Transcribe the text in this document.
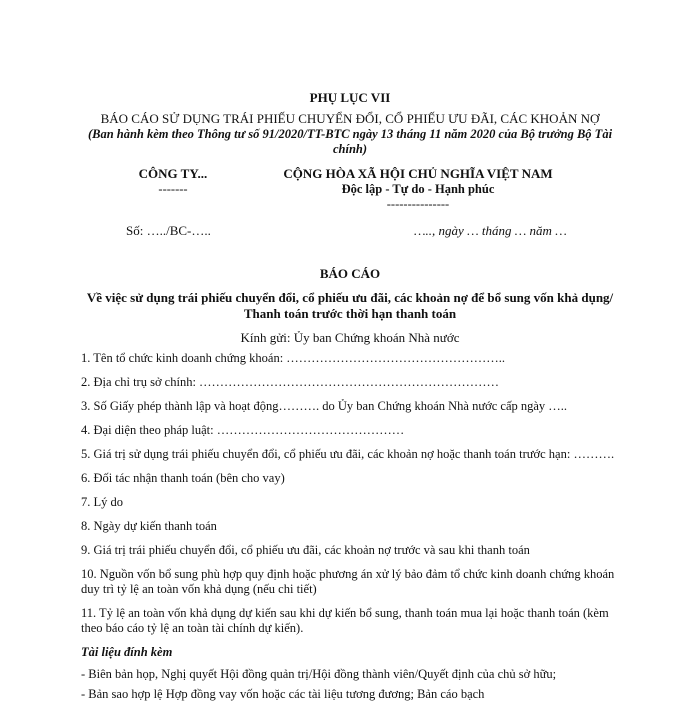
PHỤ LỤC VII
BÁO CÁO SỬ DỤNG TRÁI PHIẾU CHUYỂN ĐỔI, CỔ PHIẾU ƯU ĐÃI, CÁC KHOẢN NỢ
(Ban hành kèm theo Thông tư số 91/2020/TT-BTC ngày 13 tháng 11 năm 2020 của Bộ trưởng Bộ Tài chính)
CÔNG TY...
-------
CỘNG HÒA XÃ HỘI CHỦ NGHĨA VIỆT NAM
Độc lập - Tự do - Hạnh phúc
---------------
Số: …../BC-…..	….., ngày … tháng … năm …
BÁO CÁO
Về việc sử dụng trái phiếu chuyển đổi, cổ phiếu ưu đãi, các khoản nợ để bổ sung vốn khả dụng/ Thanh toán trước thời hạn thanh toán
Kính gửi: Ủy ban Chứng khoán Nhà nước
1. Tên tổ chức kinh doanh chứng khoán: ……………………………………………..
2. Địa chỉ trụ sở chính: ………………………………………………………………
3. Số Giấy phép thành lập và hoạt động………. do Ủy ban Chứng khoán Nhà nước cấp ngày …..
4. Đại diện theo pháp luật: ………………………………………
5. Giá trị sử dụng trái phiếu chuyển đổi, cổ phiếu ưu đãi, các khoản nợ hoặc thanh toán trước hạn: ……….
6. Đối tác nhận thanh toán (bên cho vay)
7. Lý do
8. Ngày dự kiến thanh toán
9. Giá trị trái phiếu chuyển đổi, cổ phiếu ưu đãi, các khoản nợ trước và sau khi thanh toán
10. Nguồn vốn bổ sung phù hợp quy định hoặc phương án xử lý bảo đảm tổ chức kinh doanh chứng khoán duy trì tỷ lệ an toàn vốn khả dụng (nếu chi tiết)
11. Tỷ lệ an toàn vốn khả dụng dự kiến sau khi dự kiến bổ sung, thanh toán mua lại hoặc thanh toán (kèm theo báo cáo tỷ lệ an toàn tài chính dự kiến).
Tài liệu đính kèm
- Biên bản họp, Nghị quyết Hội đồng quản trị/Hội đồng thành viên/Quyết định của chủ sở hữu;
- Bản sao hợp lệ Hợp đồng vay vốn hoặc các tài liệu tương đương; Bản cáo bạch
